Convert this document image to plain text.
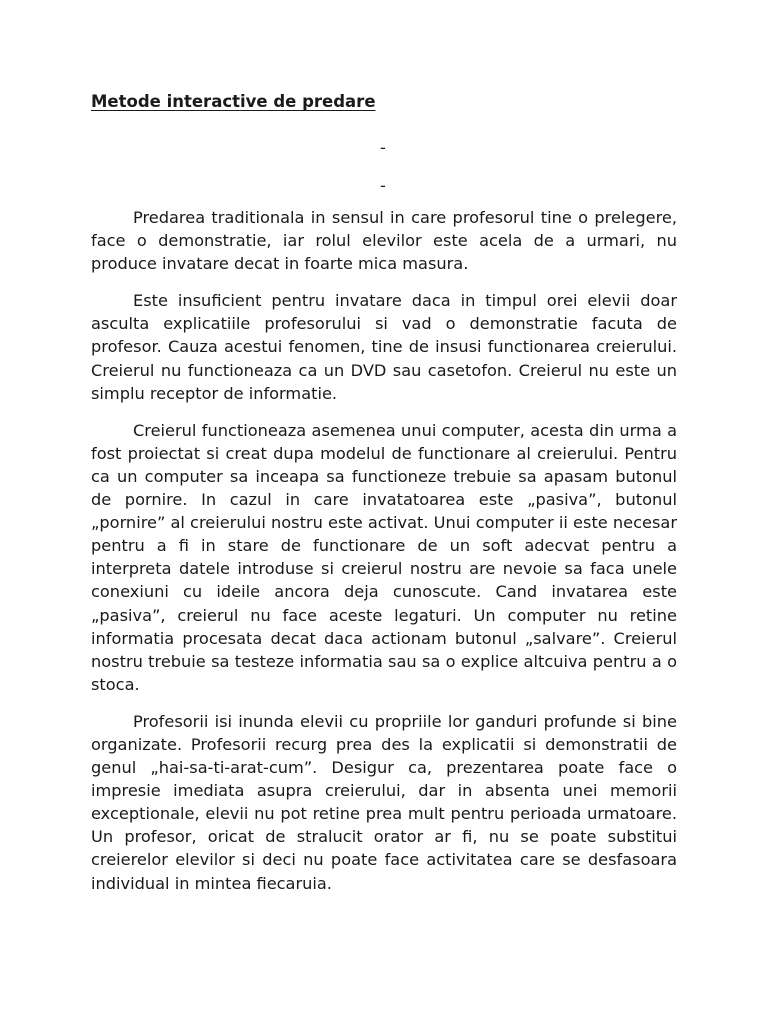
Metode interactive de predare

-

-

Predarea traditionala in sensul in care profesorul tine o prelegere, face o demonstratie, iar rolul elevilor este acela de a urmari, nu produce invatare decat in foarte mica masura.

Este insuficient pentru invatare daca in timpul orei elevii doar asculta explicatiile profesorului si vad o demonstratie facuta de profesor. Cauza acestui fenomen, tine de insusi functionarea creierului. Creierul nu functioneaza ca un DVD sau casetofon. Creierul nu este un simplu receptor de informatie.

Creierul functioneaza asemenea unui computer, acesta din urma a fost proiectat si creat dupa modelul de functionare al creierului. Pentru ca un computer sa inceapa sa functioneze trebuie sa apasam butonul de pornire. In cazul in care invatatoarea este „pasiva”, butonul „pornire” al creierului nostru este activat. Unui computer ii este necesar pentru a fi in stare de functionare de un soft adecvat pentru a interpreta datele introduse si creierul nostru are nevoie sa faca unele conexiuni cu ideile ancora deja cunoscute. Cand invatarea este „pasiva”, creierul nu face aceste legaturi. Un computer nu retine informatia procesata decat daca actionam butonul „salvare”. Creierul nostru trebuie sa testeze informatia sau sa o explice altcuiva pentru a o stoca.

Profesorii isi inunda elevii cu propriile lor ganduri profunde si bine organizate. Profesorii recurg prea des la explicatii si demonstratii de genul „hai-sa-ti-arat-cum”. Desigur ca, prezentarea poate face o impresie imediata asupra creierului, dar in absenta unei memorii exceptionale, elevii nu pot retine prea mult pentru perioada urmatoare. Un profesor, oricat de stralucit orator ar fi, nu se poate substitui creierelor elevilor si deci nu poate face activitatea care se desfasoara individual in mintea fiecaruia.
